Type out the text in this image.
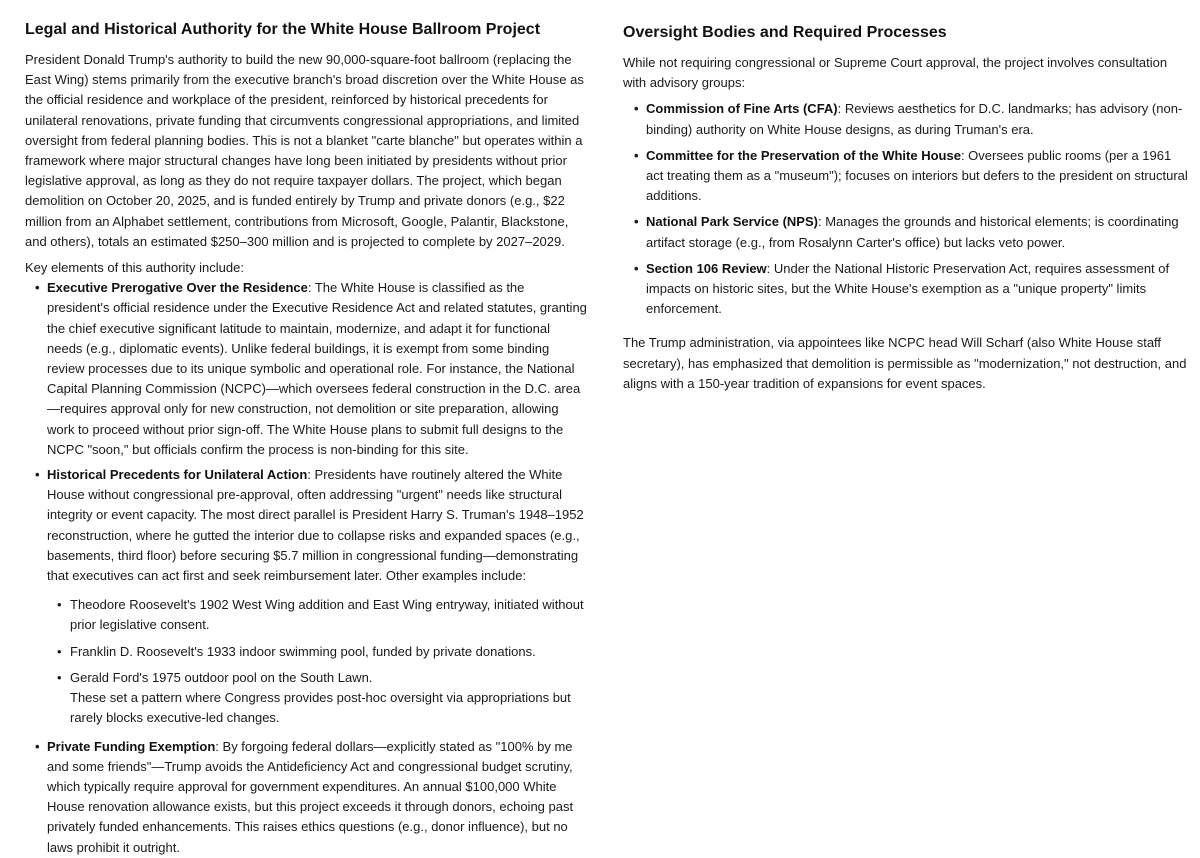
Legal and Historical Authority for the White House Ballroom Project

President Donald Trump's authority to build the new 90,000-square-foot ballroom (replacing the East Wing) stems primarily from the executive branch's broad discretion over the White House as the official residence and workplace of the president, reinforced by historical precedents for unilateral renovations, private funding that circumvents congressional appropriations, and limited oversight from federal planning bodies. This is not a blanket "carte blanche" but operates within a framework where major structural changes have long been initiated by presidents without prior legislative approval, as long as they do not require taxpayer dollars. The project, which began demolition on October 20, 2025, and is funded entirely by Trump and private donors (e.g., $22 million from an Alphabet settlement, contributions from Microsoft, Google, Palantir, Blackstone, and others), totals an estimated $250–300 million and is projected to complete by 2027–2029.

Key elements of this authority include:

• Executive Prerogative Over the Residence: The White House is classified as the president's official residence under the Executive Residence Act and related statutes, granting the chief executive significant latitude to maintain, modernize, and adapt it for functional needs (e.g., diplomatic events). Unlike federal buildings, it is exempt from some binding review processes due to its unique symbolic and operational role. For instance, the National Capital Planning Commission (NCPC)—which oversees federal construction in the D.C. area—requires approval only for new construction, not demolition or site preparation, allowing work to proceed without prior sign-off. The White House plans to submit full designs to the NCPC "soon," but officials confirm the process is non-binding for this site.
• Historical Precedents for Unilateral Action: Presidents have routinely altered the White House without congressional pre-approval, often addressing "urgent" needs like structural integrity or event capacity. The most direct parallel is President Harry S. Truman's 1948–1952 reconstruction, where he gutted the interior due to collapse risks and expanded spaces (e.g., basements, third floor) before securing $5.7 million in congressional funding—demonstrating that executives can act first and seek reimbursement later. Other examples include:
• Theodore Roosevelt's 1902 West Wing addition and East Wing entryway, initiated without prior legislative consent.
• Franklin D. Roosevelt's 1933 indoor swimming pool, funded by private donations.
• Gerald Ford's 1975 outdoor pool on the South Lawn.
These set a pattern where Congress provides post-hoc oversight via appropriations but rarely blocks executive-led changes.
• Private Funding Exemption: By forgoing federal dollars—explicitly stated as "100% by me and some friends"—Trump avoids the Antideficiency Act and congressional budget scrutiny, which typically require approval for government expenditures. An annual $100,000 White House renovation allowance exists, but this project exceeds it through donors, echoing past privately funded enhancements. This raises ethics questions (e.g., donor influence), but no laws prohibit it outright.
Oversight Bodies and Required Processes

While not requiring congressional or Supreme Court approval, the project involves consultation with advisory groups:

• Commission of Fine Arts (CFA): Reviews aesthetics for D.C. landmarks; has advisory (non-binding) authority on White House designs, as during Truman's era.
• Committee for the Preservation of the White House: Oversees public rooms (per a 1961 act treating them as a "museum"); focuses on interiors but defers to the president on structural additions.
• National Park Service (NPS): Manages the grounds and historical elements; is coordinating artifact storage (e.g., from Rosalynn Carter's office) but lacks veto power.
• Section 106 Review: Under the National Historic Preservation Act, requires assessment of impacts on historic sites, but the White House's exemption as a "unique property" limits enforcement.

The Trump administration, via appointees like NCPC head Will Scharf (also White House staff secretary), has emphasized that demolition is permissible as "modernization," not destruction, and aligns with a 150-year tradition of expansions for event spaces.
